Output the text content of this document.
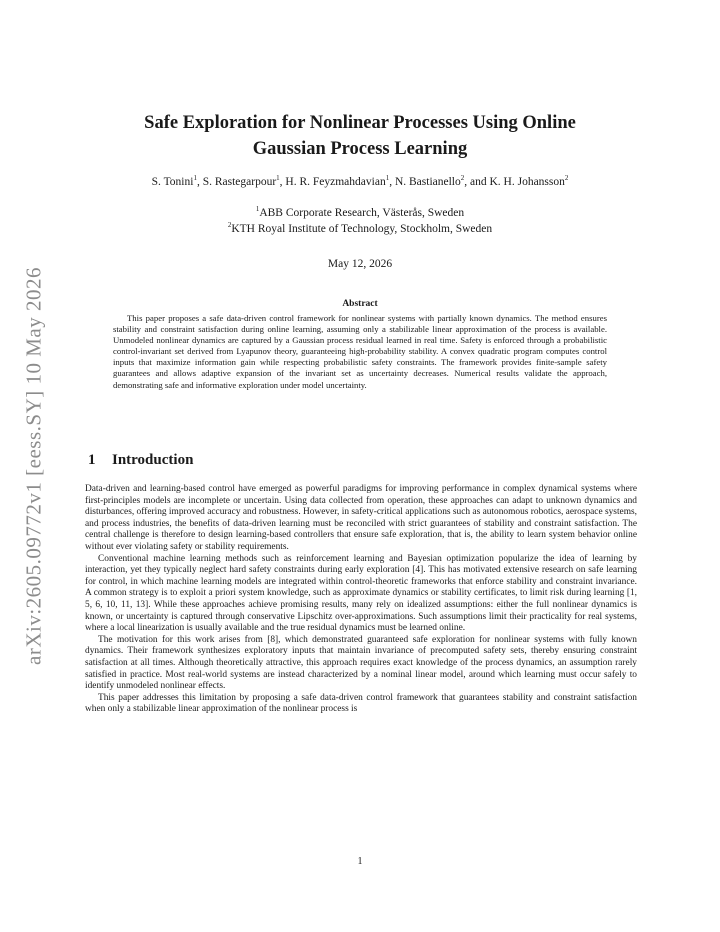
arXiv:2605.09772v1 [eess.SY] 10 May 2026
Safe Exploration for Nonlinear Processes Using Online
Gaussian Process Learning
S. Tonini$^1$, S. Rastegarpour$^1$, H. R. Feyzmahdavian$^1$, N. Bastianello$^2$, and K. H. Johansson$^2$
$^1$ABB Corporate Research, Västerås, Sweden
$^2$KTH Royal Institute of Technology, Stockholm, Sweden
May 12, 2026
Abstract
This paper proposes a safe data-driven control framework for nonlinear systems with partially known dynamics. The method ensures stability and constraint satisfaction during online learning, assuming only a stabilizable linear approximation of the process is available. Unmodeled nonlinear dynamics are captured by a Gaussian process residual learned in real time. Safety is enforced through a probabilistic control-invariant set derived from Lyapunov theory, guaranteeing high-probability stability. A convex quadratic program computes control inputs that maximize information gain while respecting probabilistic safety constraints. The framework provides finite-sample safety guarantees and allows adaptive expansion of the invariant set as uncertainty decreases. Numerical results validate the approach, demonstrating safe and informative exploration under model uncertainty.
1 Introduction

Data-driven and learning-based control have emerged as powerful paradigms for improving performance in complex dynamical systems where first-principles models are incomplete or uncertain. Using data collected from operation, these approaches can adapt to unknown dynamics and disturbances, offering improved accuracy and robustness. However, in safety-critical applications such as autonomous robotics, aerospace systems, and process industries, the benefits of data-driven learning must be reconciled with strict guarantees of stability and constraint satisfaction. The central challenge is therefore to design learning-based controllers that ensure safe exploration, that is, the ability to learn system behavior online without ever violating safety or stability requirements.

Conventional machine learning methods such as reinforcement learning and Bayesian optimization popularize the idea of learning by interaction, yet they typically neglect hard safety constraints during early exploration [4]. This has motivated extensive research on safe learning for control, in which machine learning models are integrated within control-theoretic frameworks that enforce stability and constraint invariance. A common strategy is to exploit a priori system knowledge, such as approximate dynamics or stability certificates, to limit risk during learning [1, 5, 6, 10, 11, 13]. While these approaches achieve promising results, many rely on idealized assumptions: either the full nonlinear dynamics is known, or uncertainty is captured through conservative Lipschitz over-approximations. Such assumptions limit their practicality for real systems, where a local linearization is usually available and the true residual dynamics must be learned online.

The motivation for this work arises from [8], which demonstrated guaranteed safe exploration for nonlinear systems with fully known dynamics. Their framework synthesizes exploratory inputs that maintain invariance of precomputed safety sets, thereby ensuring constraint satisfaction at all times. Although theoretically attractive, this approach requires exact knowledge of the process dynamics, an assumption rarely satisfied in practice. Most real-world systems are instead characterized by a nominal linear model, around which learning must occur safely to identify unmodeled nonlinear effects.

This paper addresses this limitation by proposing a safe data-driven control framework that guarantees stability and constraint satisfaction when only a stabilizable linear approximation of the nonlinear process is

1
